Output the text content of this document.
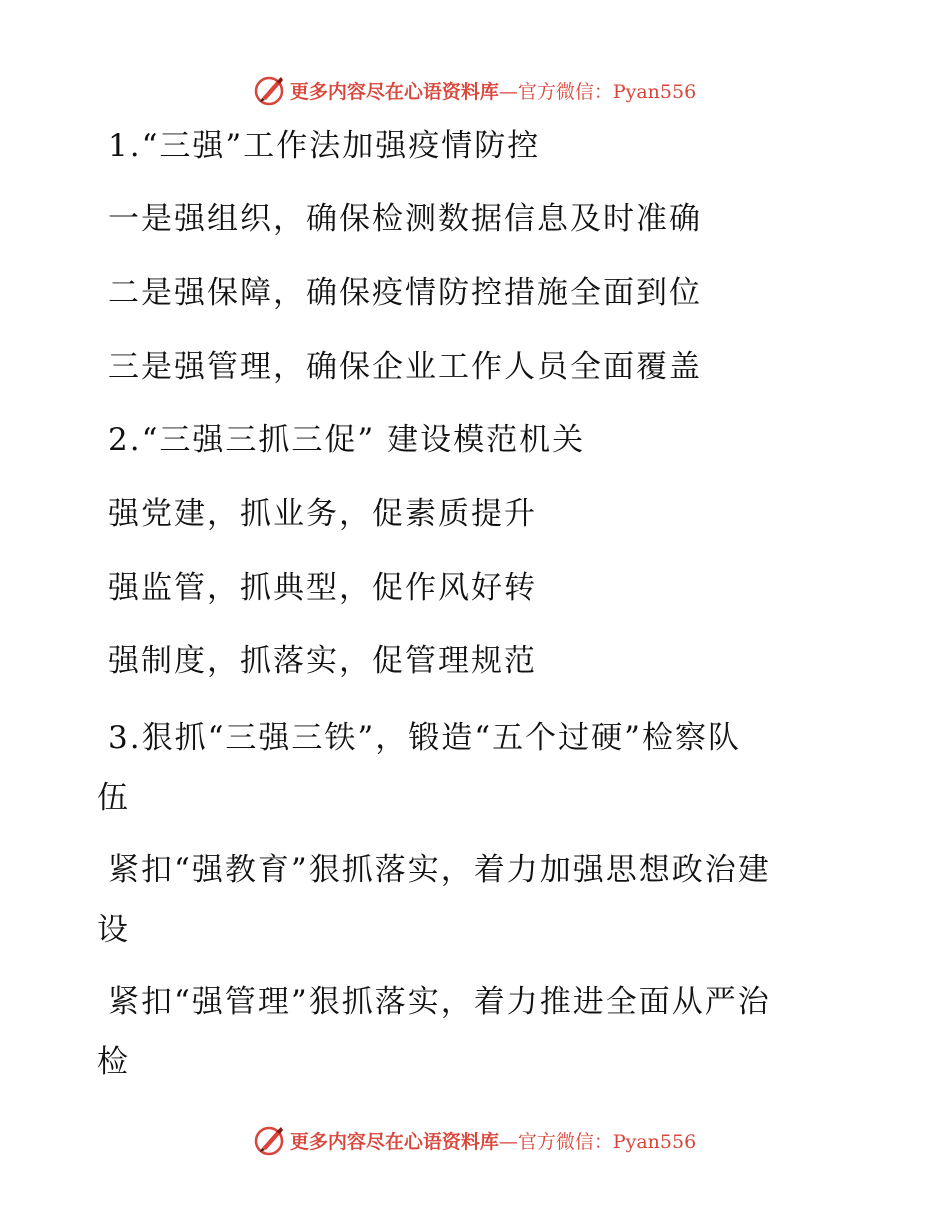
更多内容尽在心语资料库—官方微信：Pyan556
1.“三强”工作法加强疫情防控
一是强组织，确保检测数据信息及时准确
二是强保障，确保疫情防控措施全面到位
三是强管理，确保企业工作人员全面覆盖
2.“三强三抓三促” 建设模范机关
强党建，抓业务，促素质提升
强监管，抓典型，促作风好转
强制度，抓落实，促管理规范
3.狠抓“三强三铁”，锻造“五个过硬”检察队
伍
紧扣“强教育”狠抓落实，着力加强思想政治建
设
紧扣“强管理”狠抓落实，着力推进全面从严治
检
更多内容尽在心语资料库—官方微信：Pyan556
